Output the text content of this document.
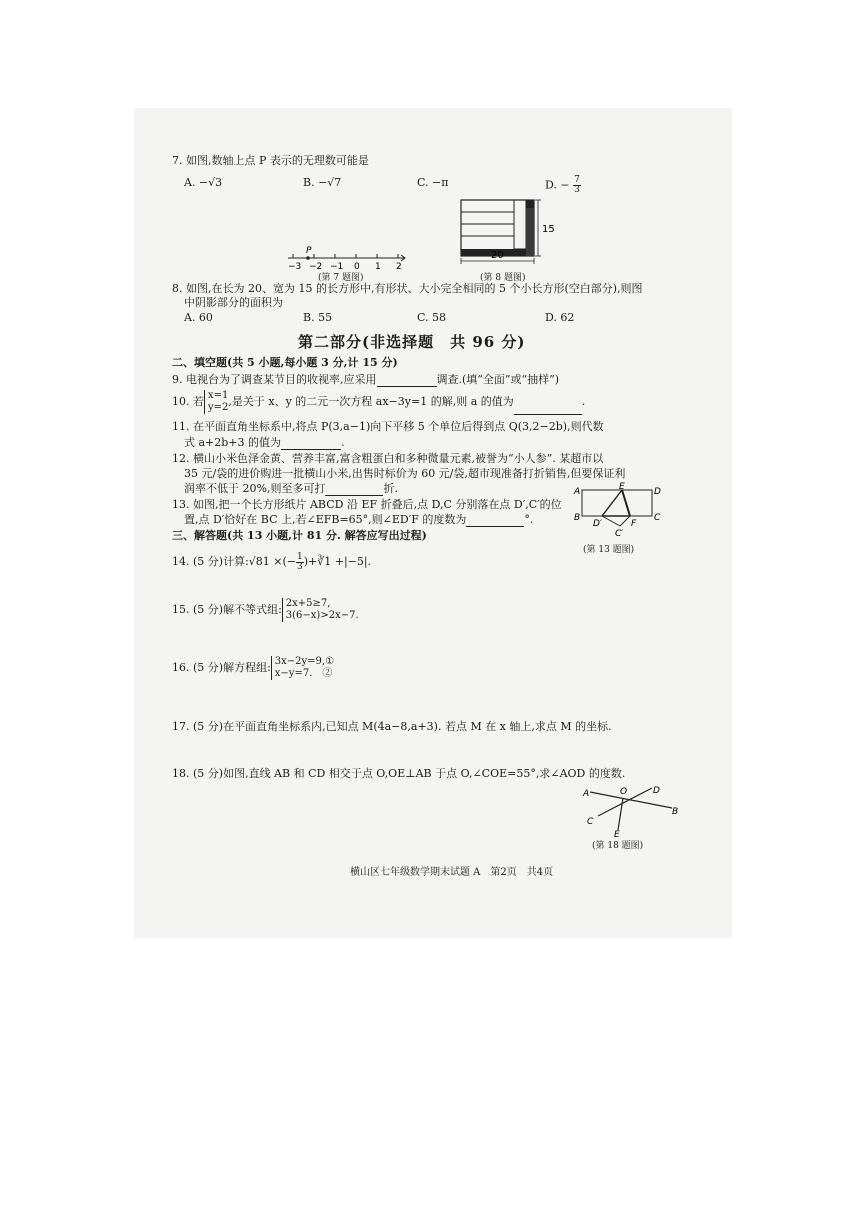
7. 如图,数轴上点 P 表示的无理数可能是
A. −√3	B. −√7	C. −π	D. − $\frac{7}{3}$
P
−3 −2 −1 0 1 2
(第 7 题图)
15
20
(第 8 题图)
8. 如图,在长为 20、宽为 15 的长方形中,有形状、大小完全相同的 5 个小长方形(空白部分),则图
中阴影部分的面积为
A. 60	B. 55	C. 58	D. 62
第二部分(非选择题　共 96 分)
二、填空题(共 5 小题,每小题 3 分,计 15 分)
9. 电视台为了调查某节目的收视率,应采用	调查.(填“全面”或“抽样”)
10. 若 x=1
y=2 ,是关于 x、y 的二元一次方程 ax−3y=1 的解,则 a 的值为	.
11. 在平面直角坐标系中,将点 P(3,a−1)向下平移 5 个单位后得到点 Q(3,2−2b),则代数
式 a+2b+3 的值为	.
12. 横山小米色泽金黄、营养丰富,富含粗蛋白和多种微量元素,被誉为“小人参”. 某超市以
35 元/袋的进价购进一批横山小米,出售时标价为 60 元/袋,超市现准备打折销售,但要保证利
润率不低于 20%,则至多可打	折.
13. 如图,把一个长方形纸片 ABCD 沿 EF 折叠后,点 D,C 分别落在点 D′,C′的位
置,点 D′恰好在 BC 上,若∠EFB=65°,则∠ED′F 的度数为	°.
A
B
D
C
E
F
D′
C′
(第 13 题图)
三、解答题(共 13 小题,计 81 分. 解答应写出过程)
14. (5 分)计算:√81 ×(− $\frac{1}{3}$ )+∛1 +|−5|.
15. (5 分)解不等式组: 2x+5≥7,
3(6−x)>2x−7.
16. (5 分)解方程组: 3x−2y=9,①
x−y=7.　②
17. (5 分)在平面直角坐标系内,已知点 M(4a−8,a+3). 若点 M 在 x 轴上,求点 M 的坐标.
18. (5 分)如图,直线 AB 和 CD 相交于点 O,OE⊥AB 于点 O,∠COE=55°,求∠AOD 的度数.
A
B
C
D
O
E
(第 18 题图)
横山区七年级数学期末试题 A　第2页　共4页
